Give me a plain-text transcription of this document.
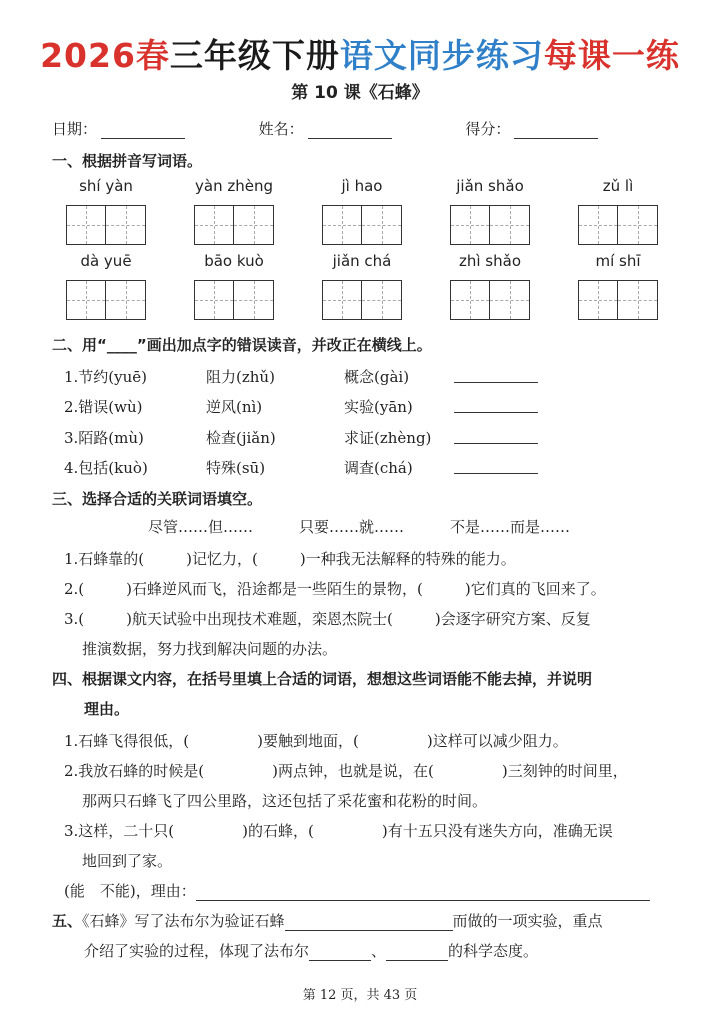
2026春三年级下册语文同步练习每课一练
第 10 课《石蜂》
日期：	姓名：	得分：
一、根据拼音写词语。
shí yàn	yàn zhèng	jì hao	jiǎn shǎo	zǔ lì
dà yuē	bāo kuò	jiǎn chá	zhì shǎo	mí shī
二、用“____”画出加点字的错误读音，并改正在横线上。
1.节约(yuē)	阻力(zhǔ)	概念(gài)
2.错误(wù)	逆风(nì)	实验(yān)
3.陌路(mù)	检查(jiǎn)	求证(zhèng)
4.包括(kuò)	特殊(sū)	调查(chá)
三、选择合适的关联词语填空。
尽管……但……	只要……就……	不是……而是……
1.石蜂靠的(	)记忆力，(	)一种我无法解释的特殊的能力。
2.(	)石蜂逆风而飞，沿途都是一些陌生的景物，(	)它们真的飞回来了。
3.(	)航天试验中出现技术难题，栾恩杰院士(	)会逐字研究方案、反复
推演数据，努力找到解决问题的办法。
四、根据课文内容，在括号里填上合适的词语，想想这些词语能不能去掉，并说明
理由。
1.石蜂飞得很低，(	)要触到地面，(	)这样可以减少阻力。
2.我放石蜂的时候是(	)两点钟，也就是说，在(	)三刻钟的时间里，
那两只石蜂飞了四公里路，这还包括了采花蜜和花粉的时间。
3.这样，二十只(	)的石蜂，(	)有十五只没有迷失方向，准确无误
地回到了家。
(能　不能)，理由：
五、《石蜂》写了法布尔为验证石蜂	而做的一项实验，重点
介绍了实验的过程，体现了法布尔	、	的科学态度。
第 12 页，共 43 页
